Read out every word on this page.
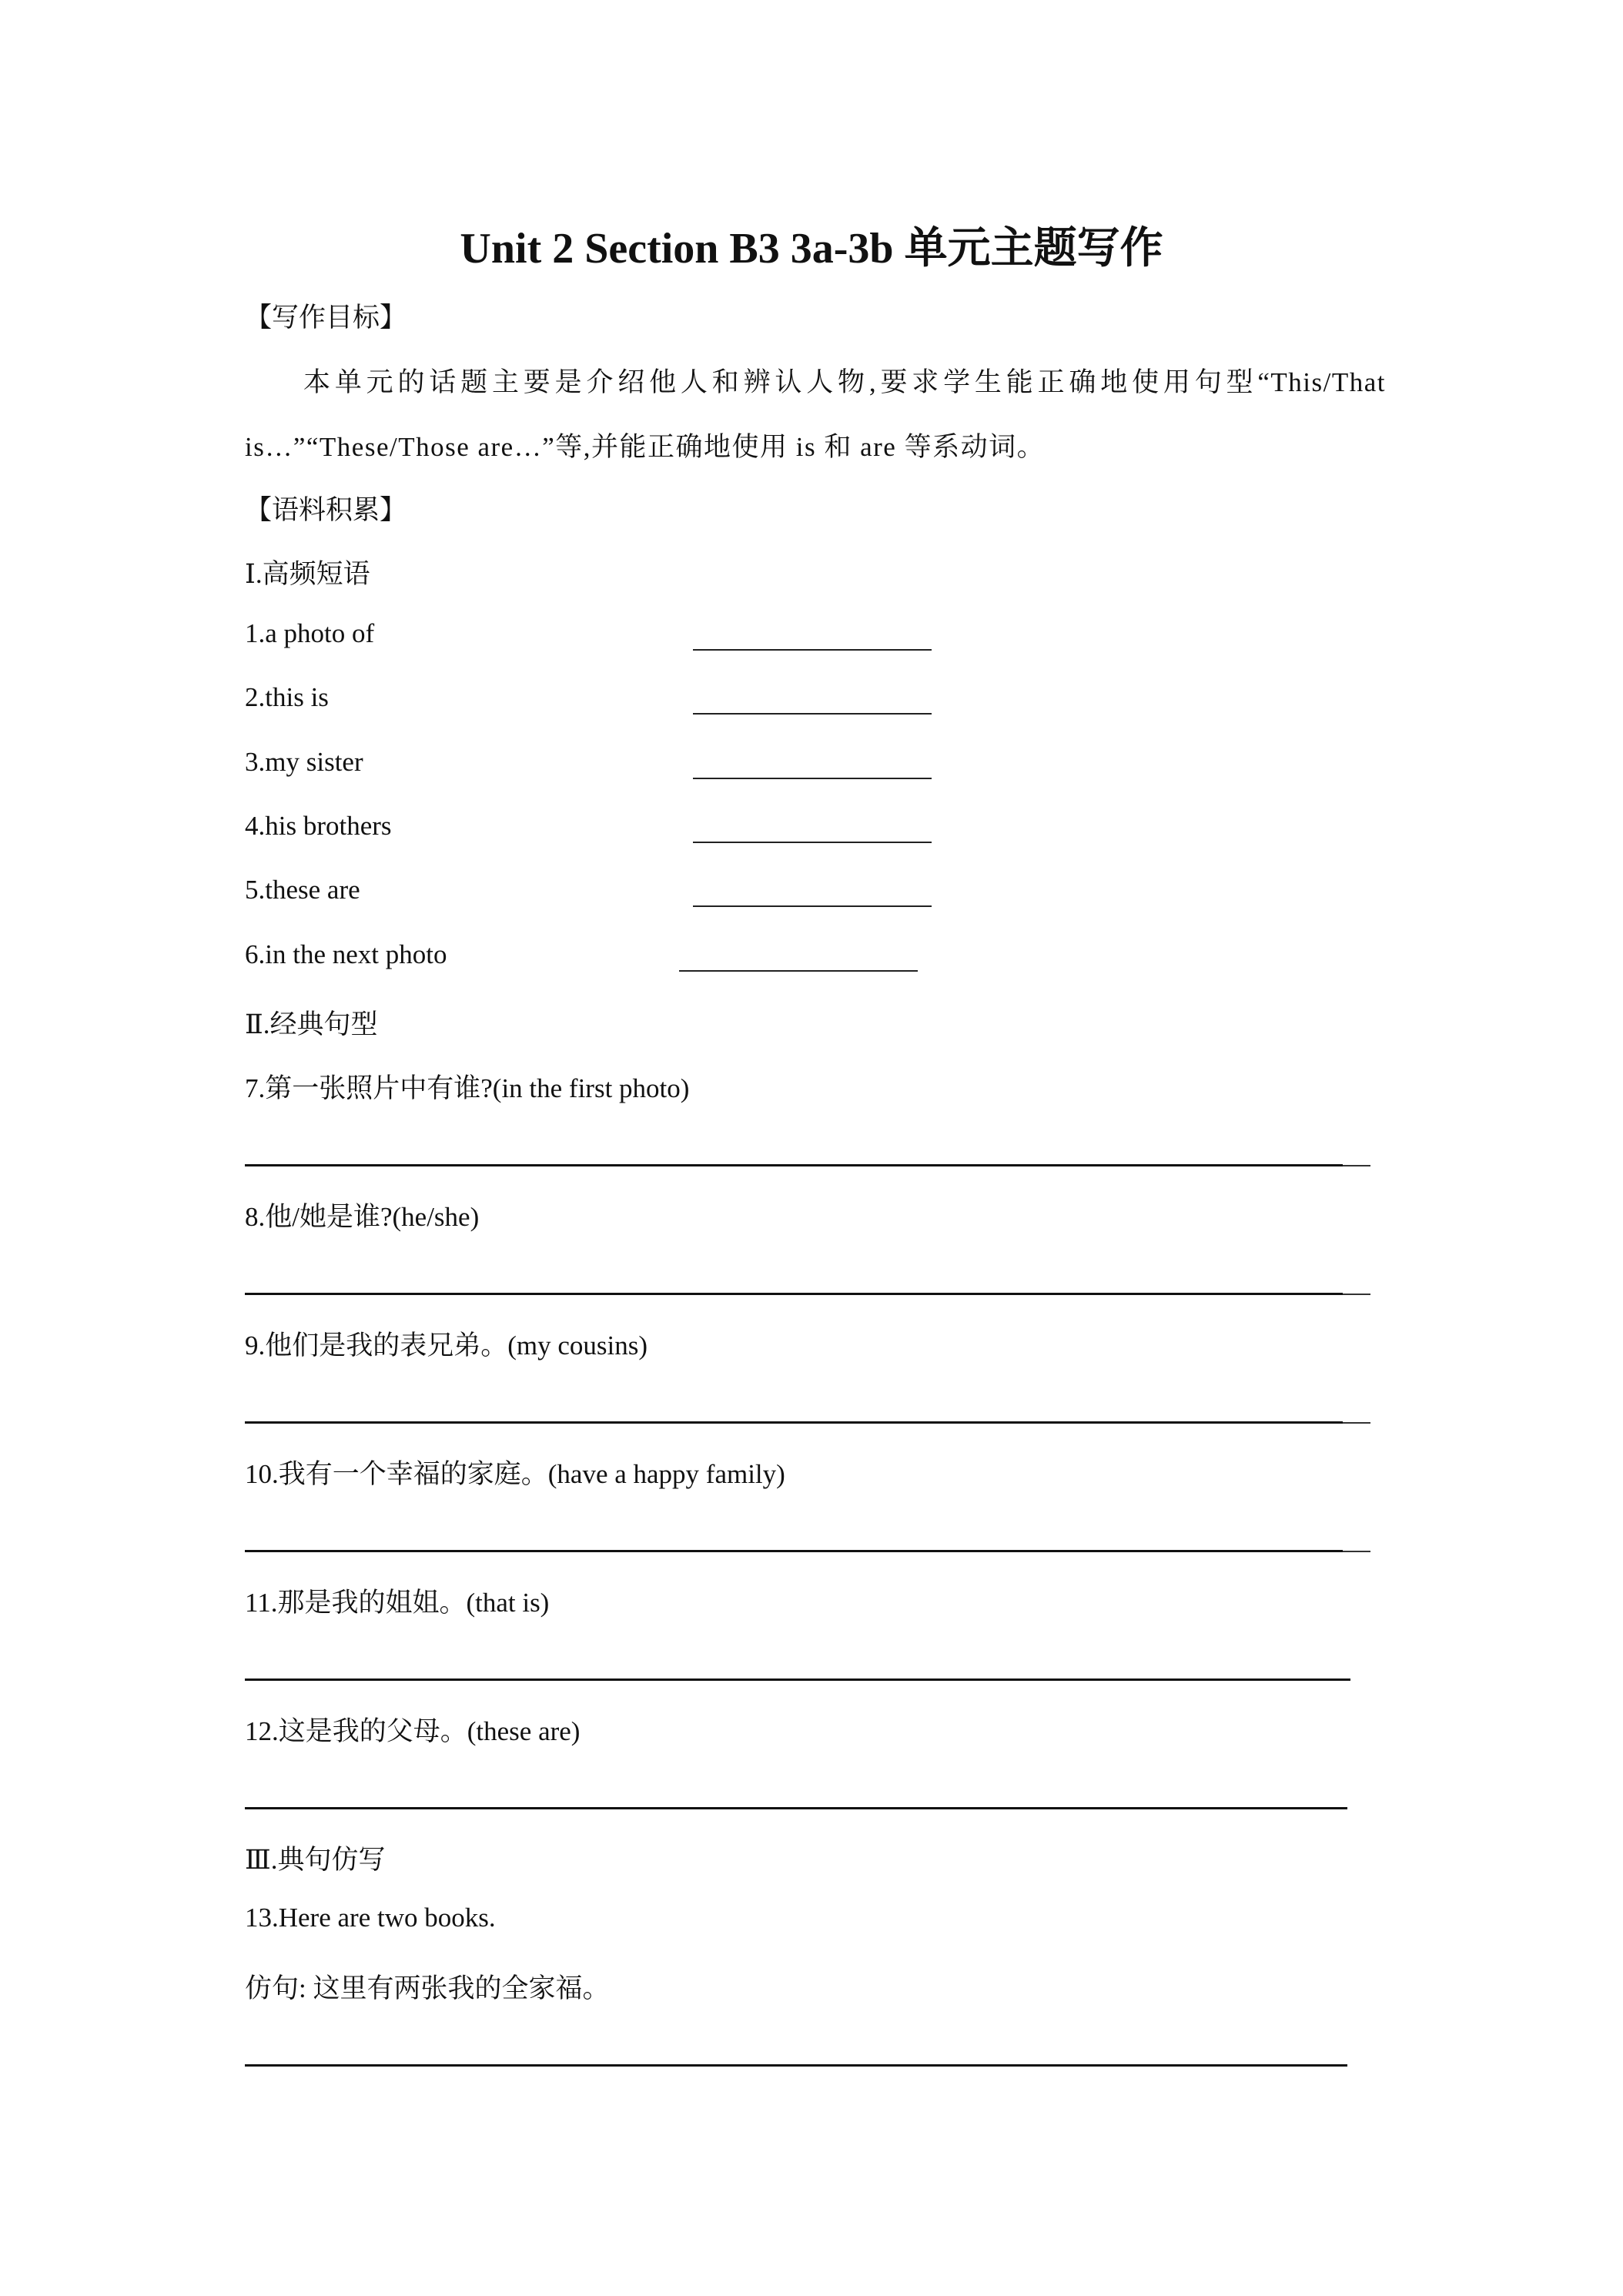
Unit 2 Section B3 3a-3b 单元主题写作
【写作目标】
本单元的话题主要是介绍他人和辨认人物,要求学生能正确地使用句型“This/That is…”“These/Those are…”等,并能正确地使用 is 和 are 等系动词。
【语料积累】
Ⅰ.高频短语
1.a photo of
2.this is
3.my sister
4.his brothers
5.these are
6.in the next photo
Ⅱ.经典句型
7.第一张照片中有谁?(in the first photo)
8.他/她是谁?(he/she)
9.他们是我的表兄弟。(my cousins)
10.我有一个幸福的家庭。(have a happy family)
11.那是我的姐姐。(that is)
12.这是我的父母。(these are)
Ⅲ.典句仿写
13.Here are two books.
仿句: 这里有两张我的全家福。
